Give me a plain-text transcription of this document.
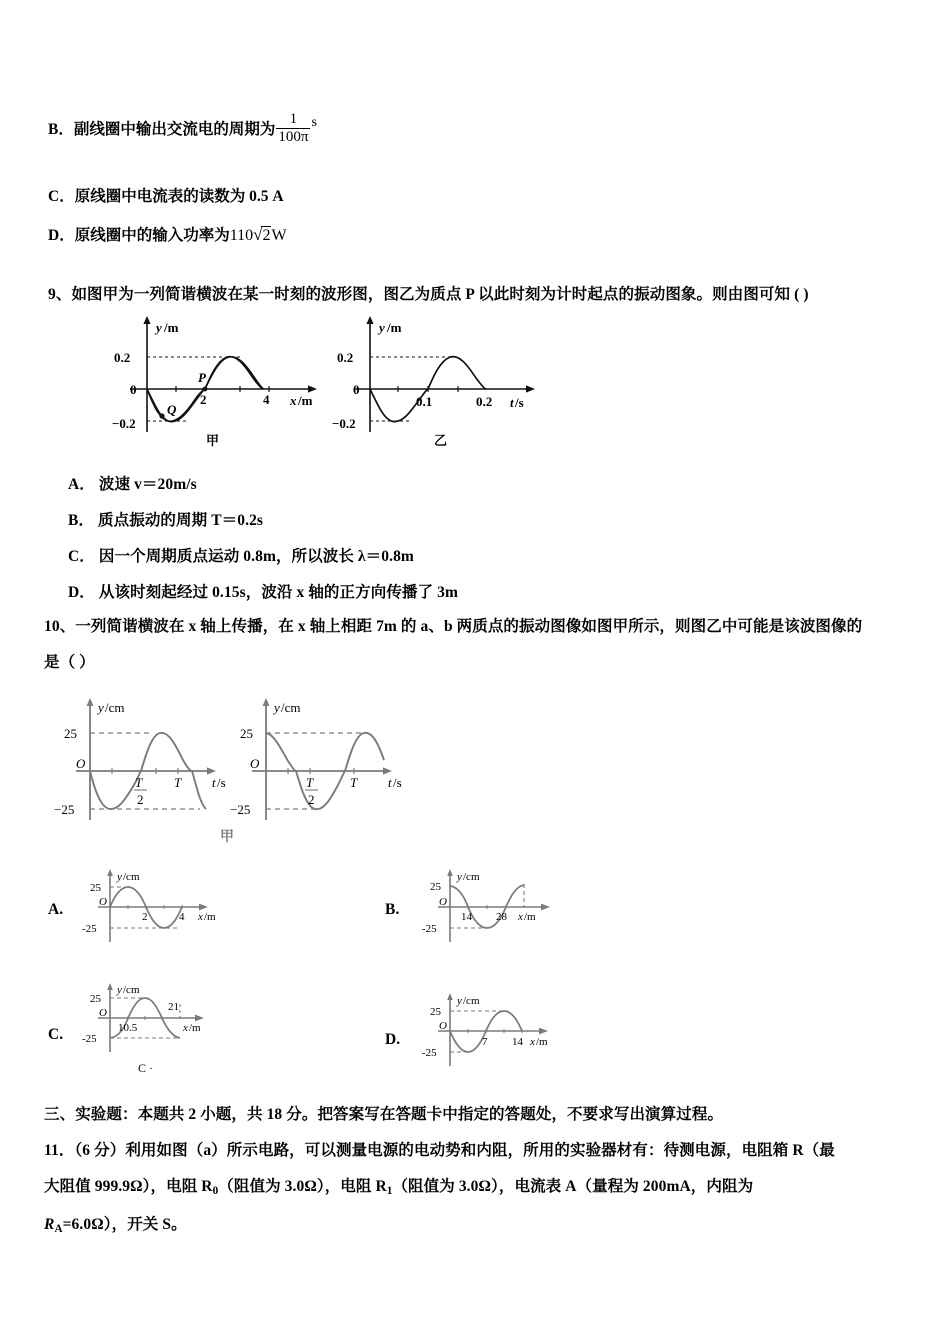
B．副线圈中输出交流电的周期为 $\frac{1}{100\pi}$ s
C．原线圈中电流表的读数为 0.5 A
D．原线圈中的输入功率为110√2W
9、如图甲为一列简谐横波在某一时刻的波形图，图乙为质点 P 以此时刻为计时起点的振动图象。则由图可知 ( )
y /m
0.2
0
−0.2
P
Q
2	4 x /m
甲
y /m
0.2
0
−0.2
0.1	0.2 t /s
乙
A． 波速 v＝20m/s
B． 质点振动的周期 T＝0.2s
C． 因一个周期质点运动 0.8m，所以波长 λ＝0.8m
D． 从该时刻起经过 0.15s，波沿 x 轴的正方向传播了 3m
10、一列简谐横波在 x 轴上传播，在 x 轴上相距 7m 的 a、b 两质点的振动图像如图甲所示，则图乙中可能是该波图像的
是（ ）
y /cm
25
O
−25
T
2
T t /s
y /cm
25
O
−25
T
2
T t /s
甲
A.
y /cm
25
O
-25
2	4 x /m	B.
y /cm
25
O
-25
14 28 x /m
C.
y /cm
25
O
-25
10.5
21
x /m
C ·
D.
y /cm
25
O
-25
7 14 x /m
三、实验题：本题共 2 小题，共 18 分。把答案写在答题卡中指定的答题处，不要求写出演算过程。
11．（6 分）利用如图（a）所示电路，可以测量电源的电动势和内阻，所用的实验器材有：待测电源，电阻箱 R（最
大阻值 999.9Ω），电阻 $R_0$（阻值为 3.0Ω），电阻 $R_1$（阻值为 3.0Ω），电流表 A（量程为 200mA，内阻为
$R_A=6.0\Omega$），开关 S。
